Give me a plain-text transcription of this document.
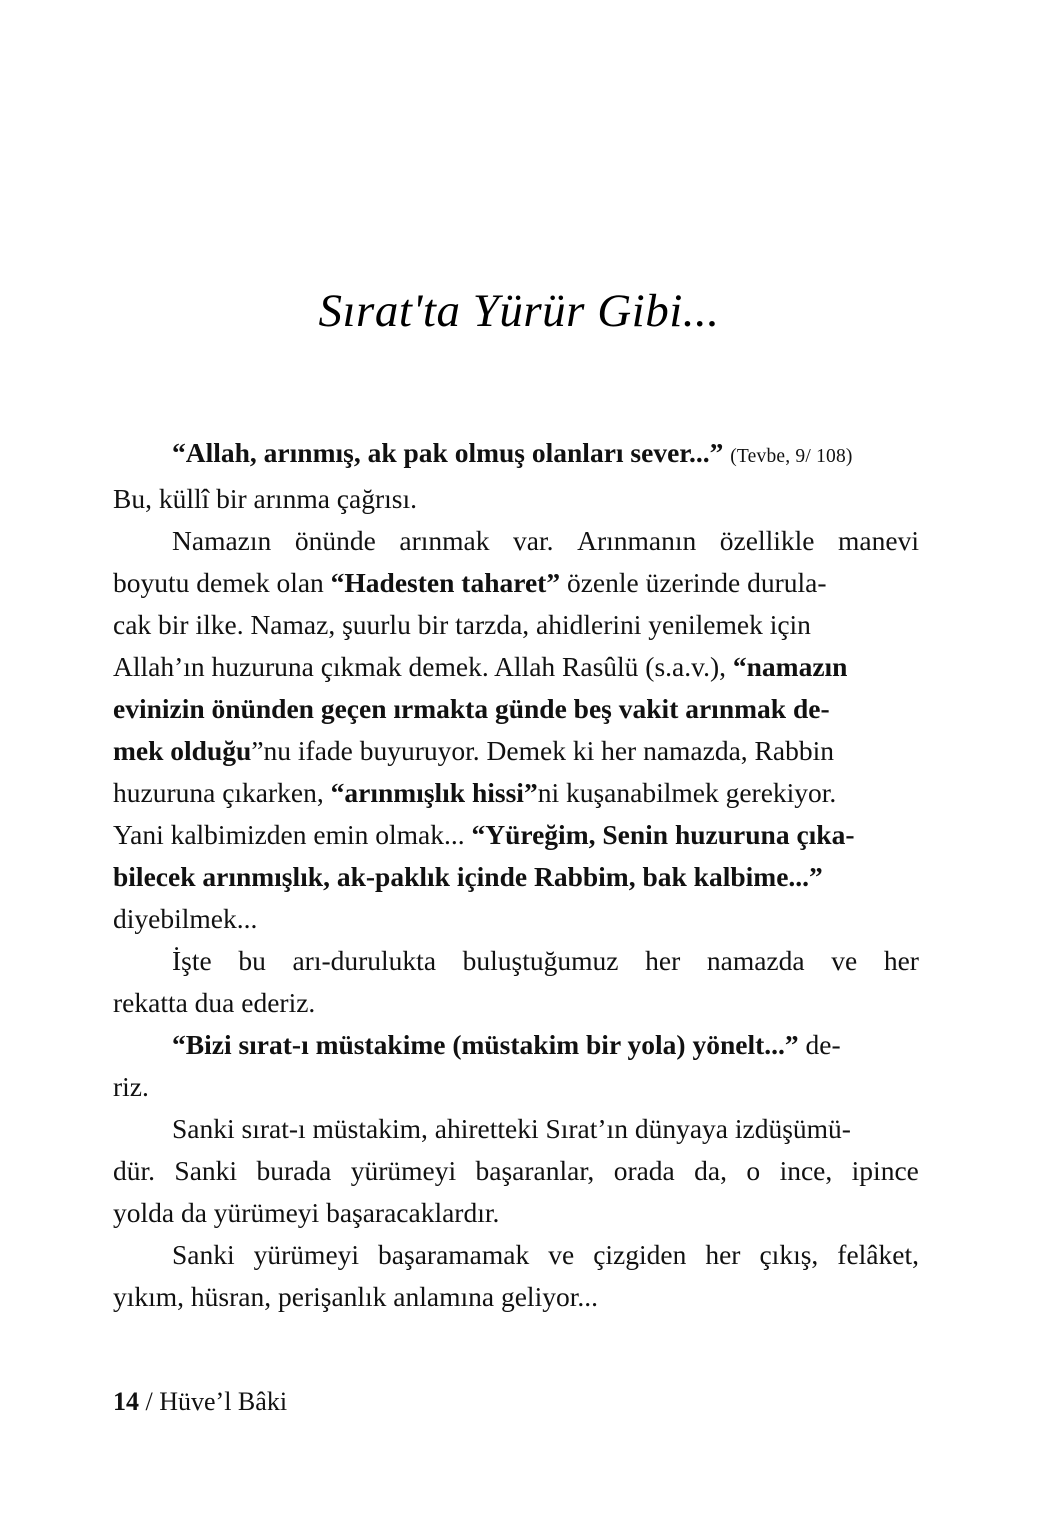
Sırat'ta Yürür Gibi...

“Allah, arınmış, ak pak olmuş olanları sever...” (Tevbe, 9/ 108)
Bu, küllî bir arınma çağrısı.

Namazın önünde arınmak var. Arınmanın özellikle manevi
boyutu demek olan “Hadesten taharet” özenle üzerinde durula-
cak bir ilke. Namaz, şuurlu bir tarzda, ahidlerini yenilemek için
Allah’ın huzuruna çıkmak demek. Allah Rasûlü (s.a.v.), “namazın
evinizin önünden geçen ırmakta günde beş vakit arınmak de-
mek olduğu”nu ifade buyuruyor. Demek ki her namazda, Rabbin
huzuruna çıkarken, “arınmışlık hissi”ni kuşanabilmek gerekiyor.
Yani kalbimizden emin olmak... “Yüreğim, Senin huzuruna çıka-
bilecek arınmışlık, ak-paklık içinde Rabbim, bak kalbime...”
diyebilmek...

İşte bu arı-durulukta buluştuğumuz her namazda ve her
rekatta dua ederiz.

“Bizi sırat-ı müstakime (müstakim bir yola) yönelt...” de-
riz.

Sanki sırat-ı müstakim, ahiretteki Sırat’ın dünyaya izdüşümü-
dür. Sanki burada yürümeyi başaranlar, orada da, o ince, ipince
yolda da yürümeyi başaracaklardır.

Sanki yürümeyi başaramamak ve çizgiden her çıkış, felâket,
yıkım, hüsran, perişanlık anlamına geliyor...

14 / Hüve’l Bâki
